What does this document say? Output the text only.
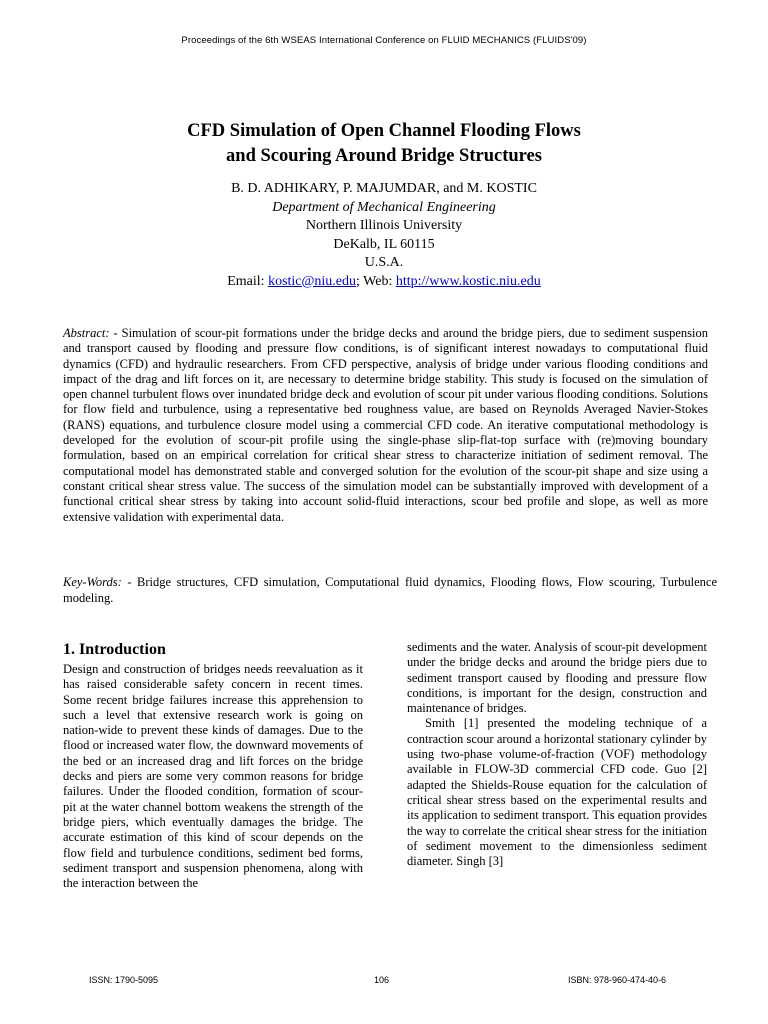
Proceedings of the 6th WSEAS International Conference on FLUID MECHANICS (FLUIDS'09)
CFD Simulation of Open Channel Flooding Flows
and Scouring Around Bridge Structures
B. D. ADHIKARY, P. MAJUMDAR, and M. KOSTIC
Department of Mechanical Engineering
Northern Illinois University
DeKalb, IL 60115
U.S.A.
Email: kostic@niu.edu; Web: http://www.kostic.niu.edu
Abstract: - Simulation of scour-pit formations under the bridge decks and around the bridge piers, due to sediment suspension and transport caused by flooding and pressure flow conditions, is of significant interest nowadays to computational fluid dynamics (CFD) and hydraulic researchers. From CFD perspective, analysis of bridge under various flooding conditions and impact of the drag and lift forces on it, are necessary to determine bridge stability. This study is focused on the simulation of open channel turbulent flows over inundated bridge deck and evolution of scour pit under various flooding conditions. Solutions for flow field and turbulence, using a representative bed roughness value, are based on Reynolds Averaged Navier-Stokes (RANS) equations, and turbulence closure model using a commercial CFD code. An iterative computational methodology is developed for the evolution of scour-pit profile using the single-phase slip-flat-top surface with (re)moving boundary formulation, based on an empirical correlation for critical shear stress to characterize initiation of sediment removal. The computational model has demonstrated stable and converged solution for the evolution of the scour-pit shape and size using a constant critical shear stress value. The success of the simulation model can be substantially improved with development of a functional critical shear stress by taking into account solid-fluid interactions, scour bed profile and slope, as well as more extensive validation with experimental data.
Key-Words: - Bridge structures, CFD simulation, Computational fluid dynamics, Flooding flows, Flow scouring, Turbulence modeling.
1. Introduction

Design and construction of bridges needs reevaluation as it has raised considerable safety concern in recent times. Some recent bridge failures increase this apprehension to such a level that extensive research work is going on nation-wide to prevent these kinds of damages. Due to the flood or increased water flow, the downward movements of the bed or an increased drag and lift forces on the bridge decks and piers are some very common reasons for bridge failures. Under the flooded condition, formation of scour-pit at the water channel bottom weakens the strength of the bridge piers, which eventually damages the bridge. The accurate estimation of this kind of scour depends on the flow field and turbulence conditions, sediment bed forms, sediment transport and suspension phenomena, along with the interaction between the

sediments and the water. Analysis of scour-pit development under the bridge decks and around the bridge piers due to sediment transport caused by flooding and pressure flow conditions, is important for the design, construction and maintenance of bridges.

Smith [1] presented the modeling technique of a contraction scour around a horizontal stationary cylinder by using two-phase volume-of-fraction (VOF) methodology available in FLOW-3D commercial CFD code. Guo [2] adapted the Shields-Rouse equation for the calculation of critical shear stress based on the experimental results and its application to sediment transport. This equation provides the way to correlate the critical shear stress for the initiation of sediment movement to the dimensionless sediment diameter. Singh [3]

ISSN: 1790-5095	106	ISBN: 978-960-474-40-6
